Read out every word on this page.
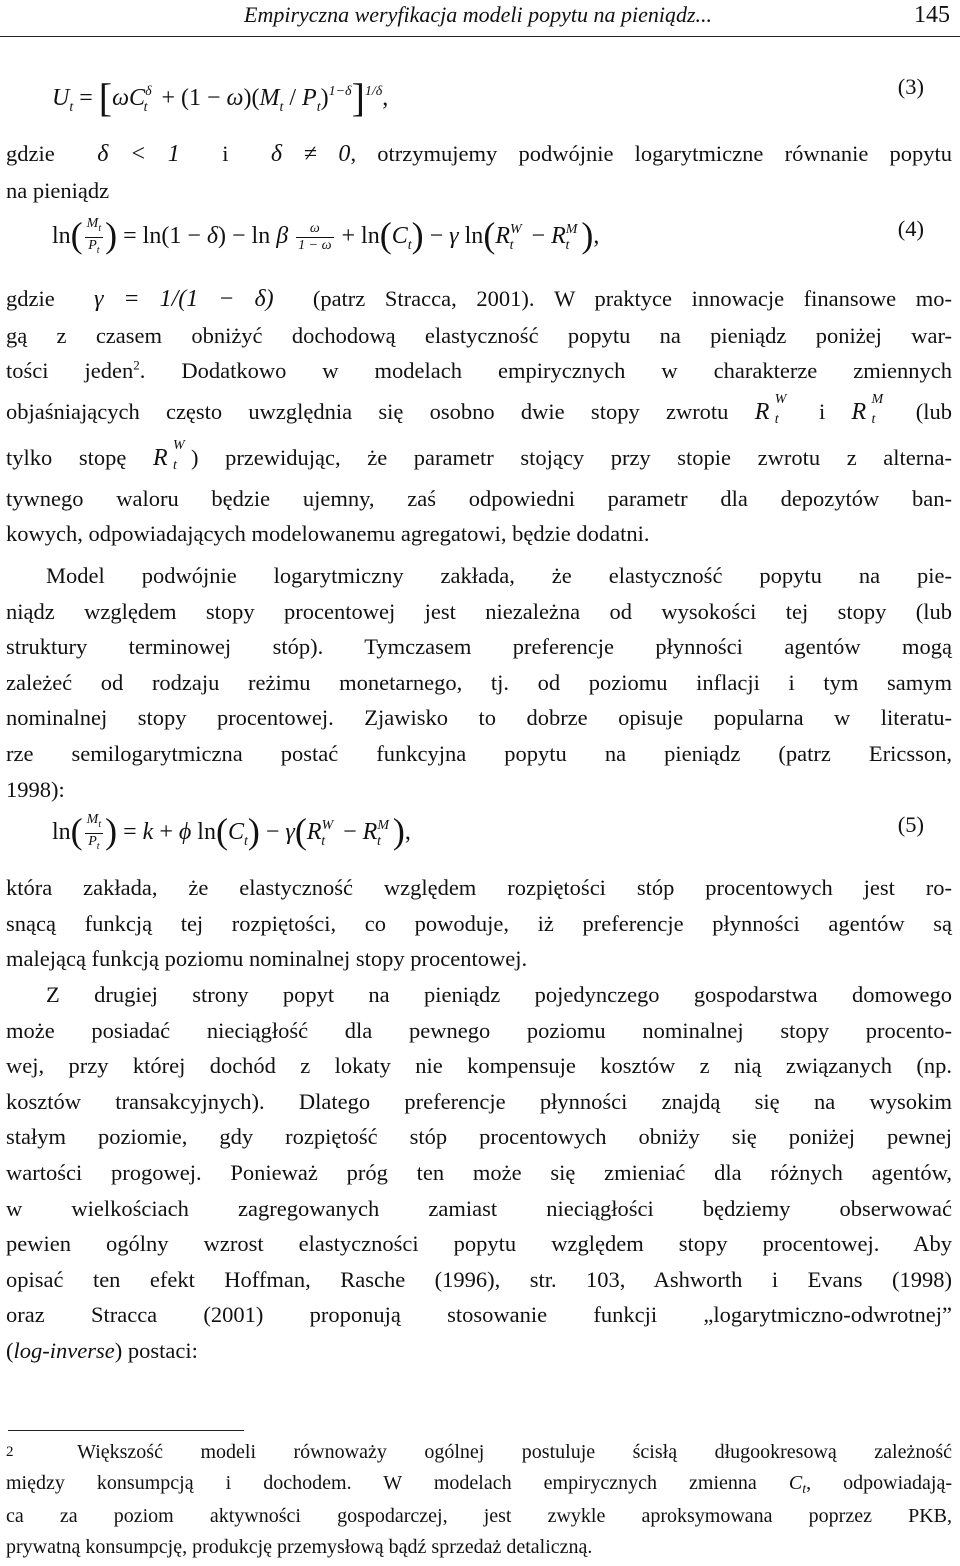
Empiryczna weryfikacja modeli popytu na pieniądz...	145
$U_t = [\omega C^\delta_t + (1 - \omega)(M_t / P_t)^{1-\delta}]^{1/\delta}$,	(3)

gdzie δ < 1 i δ ≠ 0, otrzymujemy podwójnie logarytmiczne równanie popytu

na pieniądz

$\ln( \frac{M_t}{P_t}$ ) = ln(1 − δ) − ln β $\frac{\omega}{1 - \omega} + \ln(C_t) - \gamma$ $\ln(R^W_t - R^M_t$ ),	(4)

gdzie γ = 1/(1 − δ) (patrz Stracca, 2001). W praktyce innowacje finansowe mo-

gą z czasem obniżyć dochodową elastyczność popytu na pieniądz poniżej war-

tości jeden$^2$. Dodatkowo w modelach empirycznych w charakterze zmiennych

objaśniających często uwzględnia się osobno dwie stopy zwrotu R W
t i R M
t (lub

tylko stopę R W
t ) przewidując, że parametr stojący przy stopie zwrotu z alterna-

tywnego waloru będzie ujemny, zaś odpowiedni parametr dla depozytów ban-

kowych, odpowiadających modelowanemu agregatowi, będzie dodatni.

Model podwójnie logarytmiczny zakłada, że elastyczność popytu na pie-

niądz względem stopy procentowej jest niezależna od wysokości tej stopy (lub

struktury terminowej stóp). Tymczasem preferencje płynności agentów mogą

zależeć od rodzaju reżimu monetarnego, tj. od poziomu inflacji i tym samym

nominalnej stopy procentowej. Zjawisko to dobrze opisuje popularna w literatu-

rze semilogarytmiczna postać funkcyjna popytu na pieniądz (patrz Ericsson,

1998):

$\ln( \frac{M_t}{P_t}$ ) = k + ϕ $\ln(C_t) - \gamma(R^W_t - R^M_t$ ),	(5)

która zakłada, że elastyczność względem rozpiętości stóp procentowych jest ro-

snącą funkcją tej rozpiętości, co powoduje, iż preferencje płynności agentów są

malejącą funkcją poziomu nominalnej stopy procentowej.

Z drugiej strony popyt na pieniądz pojedynczego gospodarstwa domowego

może posiadać nieciągłość dla pewnego poziomu nominalnej stopy procento-

wej, przy której dochód z lokaty nie kompensuje kosztów z nią związanych (np.

kosztów transakcyjnych). Dlatego preferencje płynności znajdą się na wysokim

stałym poziomie, gdy rozpiętość stóp procentowych obniży się poniżej pewnej

wartości progowej. Ponieważ próg ten może się zmieniać dla różnych agentów,

w wielkościach zagregowanych zamiast nieciągłości będziemy obserwować

pewien ogólny wzrost elastyczności popytu względem stopy procentowej. Aby

opisać ten efekt Hoffman, Rasche (1996), str. 103, Ashworth i Evans (1998)

oraz Stracca (2001) proponują stosowanie funkcji „logarytmiczno-odwrotnej”

(log-inverse) postaci:

2	Większość modeli równoważy ogólnej postuluje ścisłą długookresową zależność

między konsumpcją i dochodem. W modelach empirycznych zmienna $C_t$, odpowiadają-

ca za poziom aktywności gospodarczej, jest zwykle aproksymowana poprzez PKB,

prywatną konsumpcję, produkcję przemysłową bądź sprzedaż detaliczną.
